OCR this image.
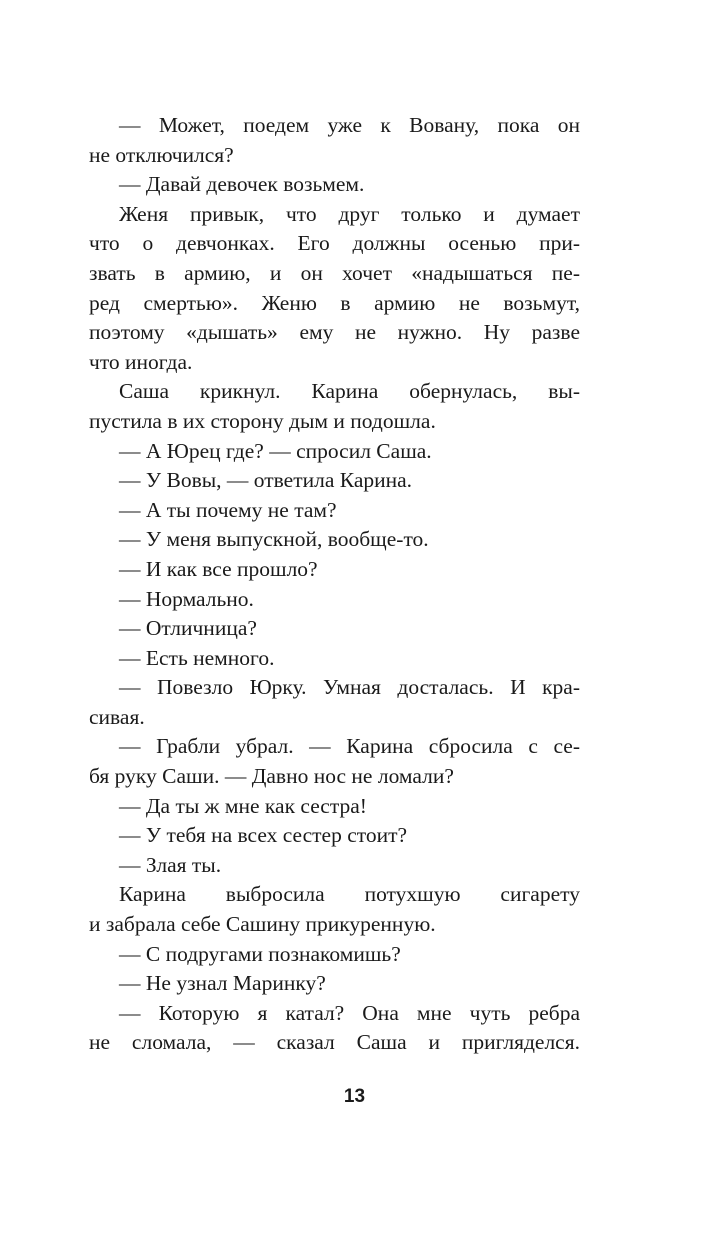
— Может, поедем уже к Вовану, пока он
не отключился?
— Давай девочек возьмем.
Женя привык, что друг только и думает
что о девчонках. Его должны осенью при-
звать в армию, и он хочет «надышаться пе-
ред смертью». Женю в армию не возьмут,
поэтому «дышать» ему не нужно. Ну разве
что иногда.
Саша крикнул. Карина обернулась, вы-
пустила в их сторону дым и подошла.
— А Юрец где? — спросил Саша.
— У Вовы, — ответила Карина.
— А ты почему не там?
— У меня выпускной, вообще-то.
— И как все прошло?
— Нормально.
— Отличница?
— Есть немного.
— Повезло Юрку. Умная досталась. И кра-
сивая.
— Грабли убрал. — Карина сбросила с се-
бя руку Саши. — Давно нос не ломали?
— Да ты ж мне как сестра!
— У тебя на всех сестер стоит?
— Злая ты.
Карина выбросила потухшую сигарету
и забрала себе Сашину прикуренную.
— С подругами познакомишь?
— Не узнал Маринку?
— Которую я катал? Она мне чуть ребра
не сломала, — сказал Саша и пригляделся.
13
